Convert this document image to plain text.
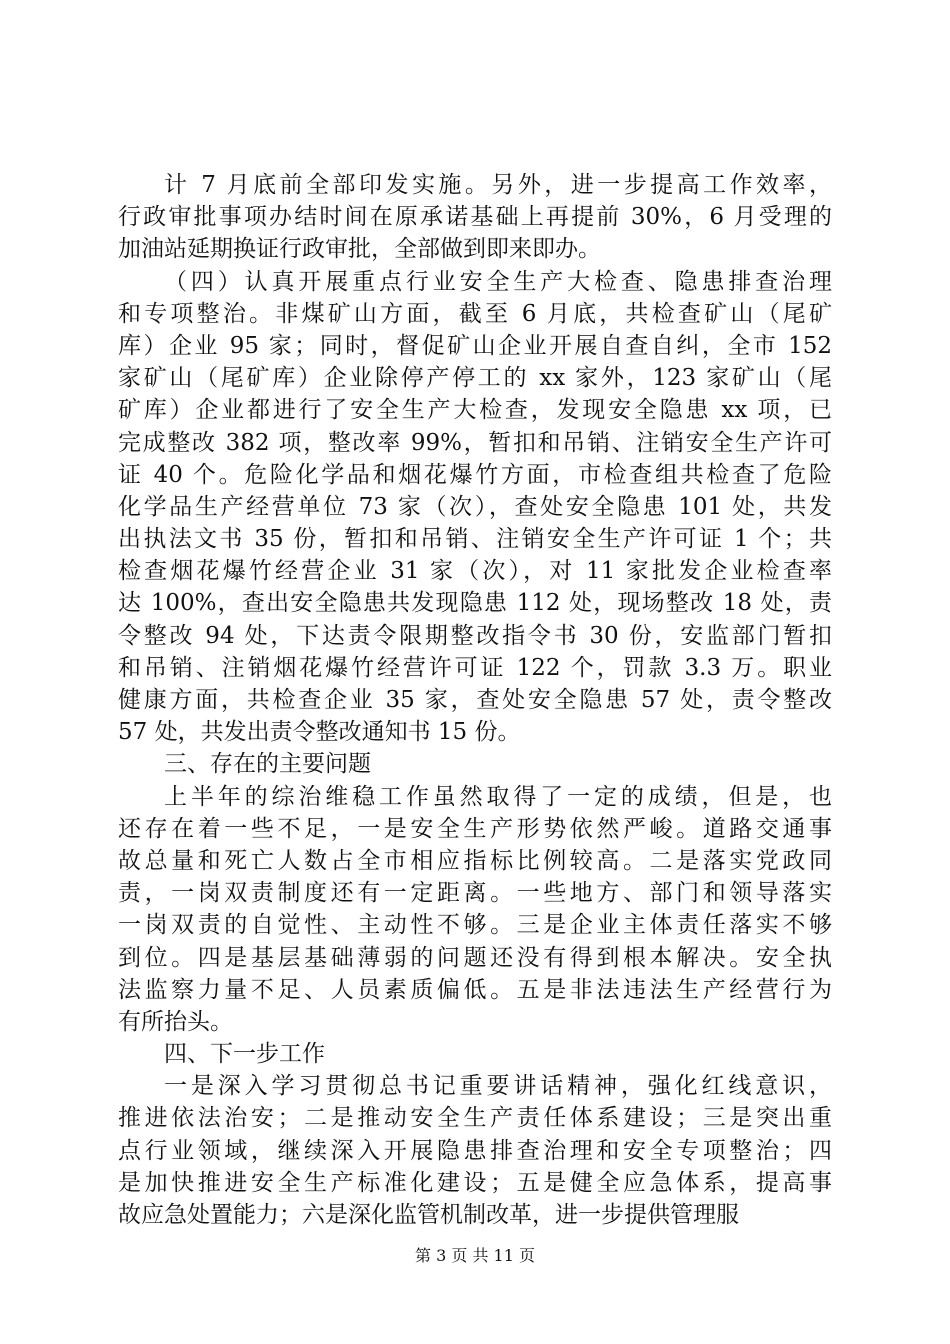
计 7 月底前全部印发实施。另外，进一步提高工作效率，
行政审批事项办结时间在原承诺基础上再提前 30%，6 月受理的
加油站延期换证行政审批，全部做到即来即办。
（四）认真开展重点行业安全生产大检查、隐患排查治理
和专项整治。非煤矿山方面，截至 6 月底，共检查矿山（尾矿
库）企业 95 家；同时，督促矿山企业开展自查自纠，全市 152
家矿山（尾矿库）企业除停产停工的 xx 家外，123 家矿山（尾
矿库）企业都进行了安全生产大检查，发现安全隐患 xx 项，已
完成整改 382 项，整改率 99%，暂扣和吊销、注销安全生产许可
证 40 个。危险化学品和烟花爆竹方面，市检查组共检查了危险
化学品生产经营单位 73 家（次），查处安全隐患 101 处，共发
出执法文书 35 份，暂扣和吊销、注销安全生产许可证 1 个；共
检查烟花爆竹经营企业 31 家（次），对 11 家批发企业检查率
达 100%，查出安全隐患共发现隐患 112 处，现场整改 18 处，责
令整改 94 处，下达责令限期整改指令书 30 份，安监部门暂扣
和吊销、注销烟花爆竹经营许可证 122 个，罚款 3.3 万。职业
健康方面，共检查企业 35 家，查处安全隐患 57 处，责令整改
57 处，共发出责令整改通知书 15 份。
三、存在的主要问题
上半年的综治维稳工作虽然取得了一定的成绩，但是，也
还存在着一些不足，一是安全生产形势依然严峻。道路交通事
故总量和死亡人数占全市相应指标比例较高。二是落实党政同
责，一岗双责制度还有一定距离。一些地方、部门和领导落实
一岗双责的自觉性、主动性不够。三是企业主体责任落实不够
到位。四是基层基础薄弱的问题还没有得到根本解决。安全执
法监察力量不足、人员素质偏低。五是非法违法生产经营行为
有所抬头。
四、下一步工作
一是深入学习贯彻总书记重要讲话精神，强化红线意识，
推进依法治安；二是推动安全生产责任体系建设；三是突出重
点行业领域，继续深入开展隐患排查治理和安全专项整治；四
是加快推进安全生产标准化建设；五是健全应急体系，提高事
故应急处置能力；六是深化监管机制改革，进一步提供管理服
第 3 页 共 11 页
